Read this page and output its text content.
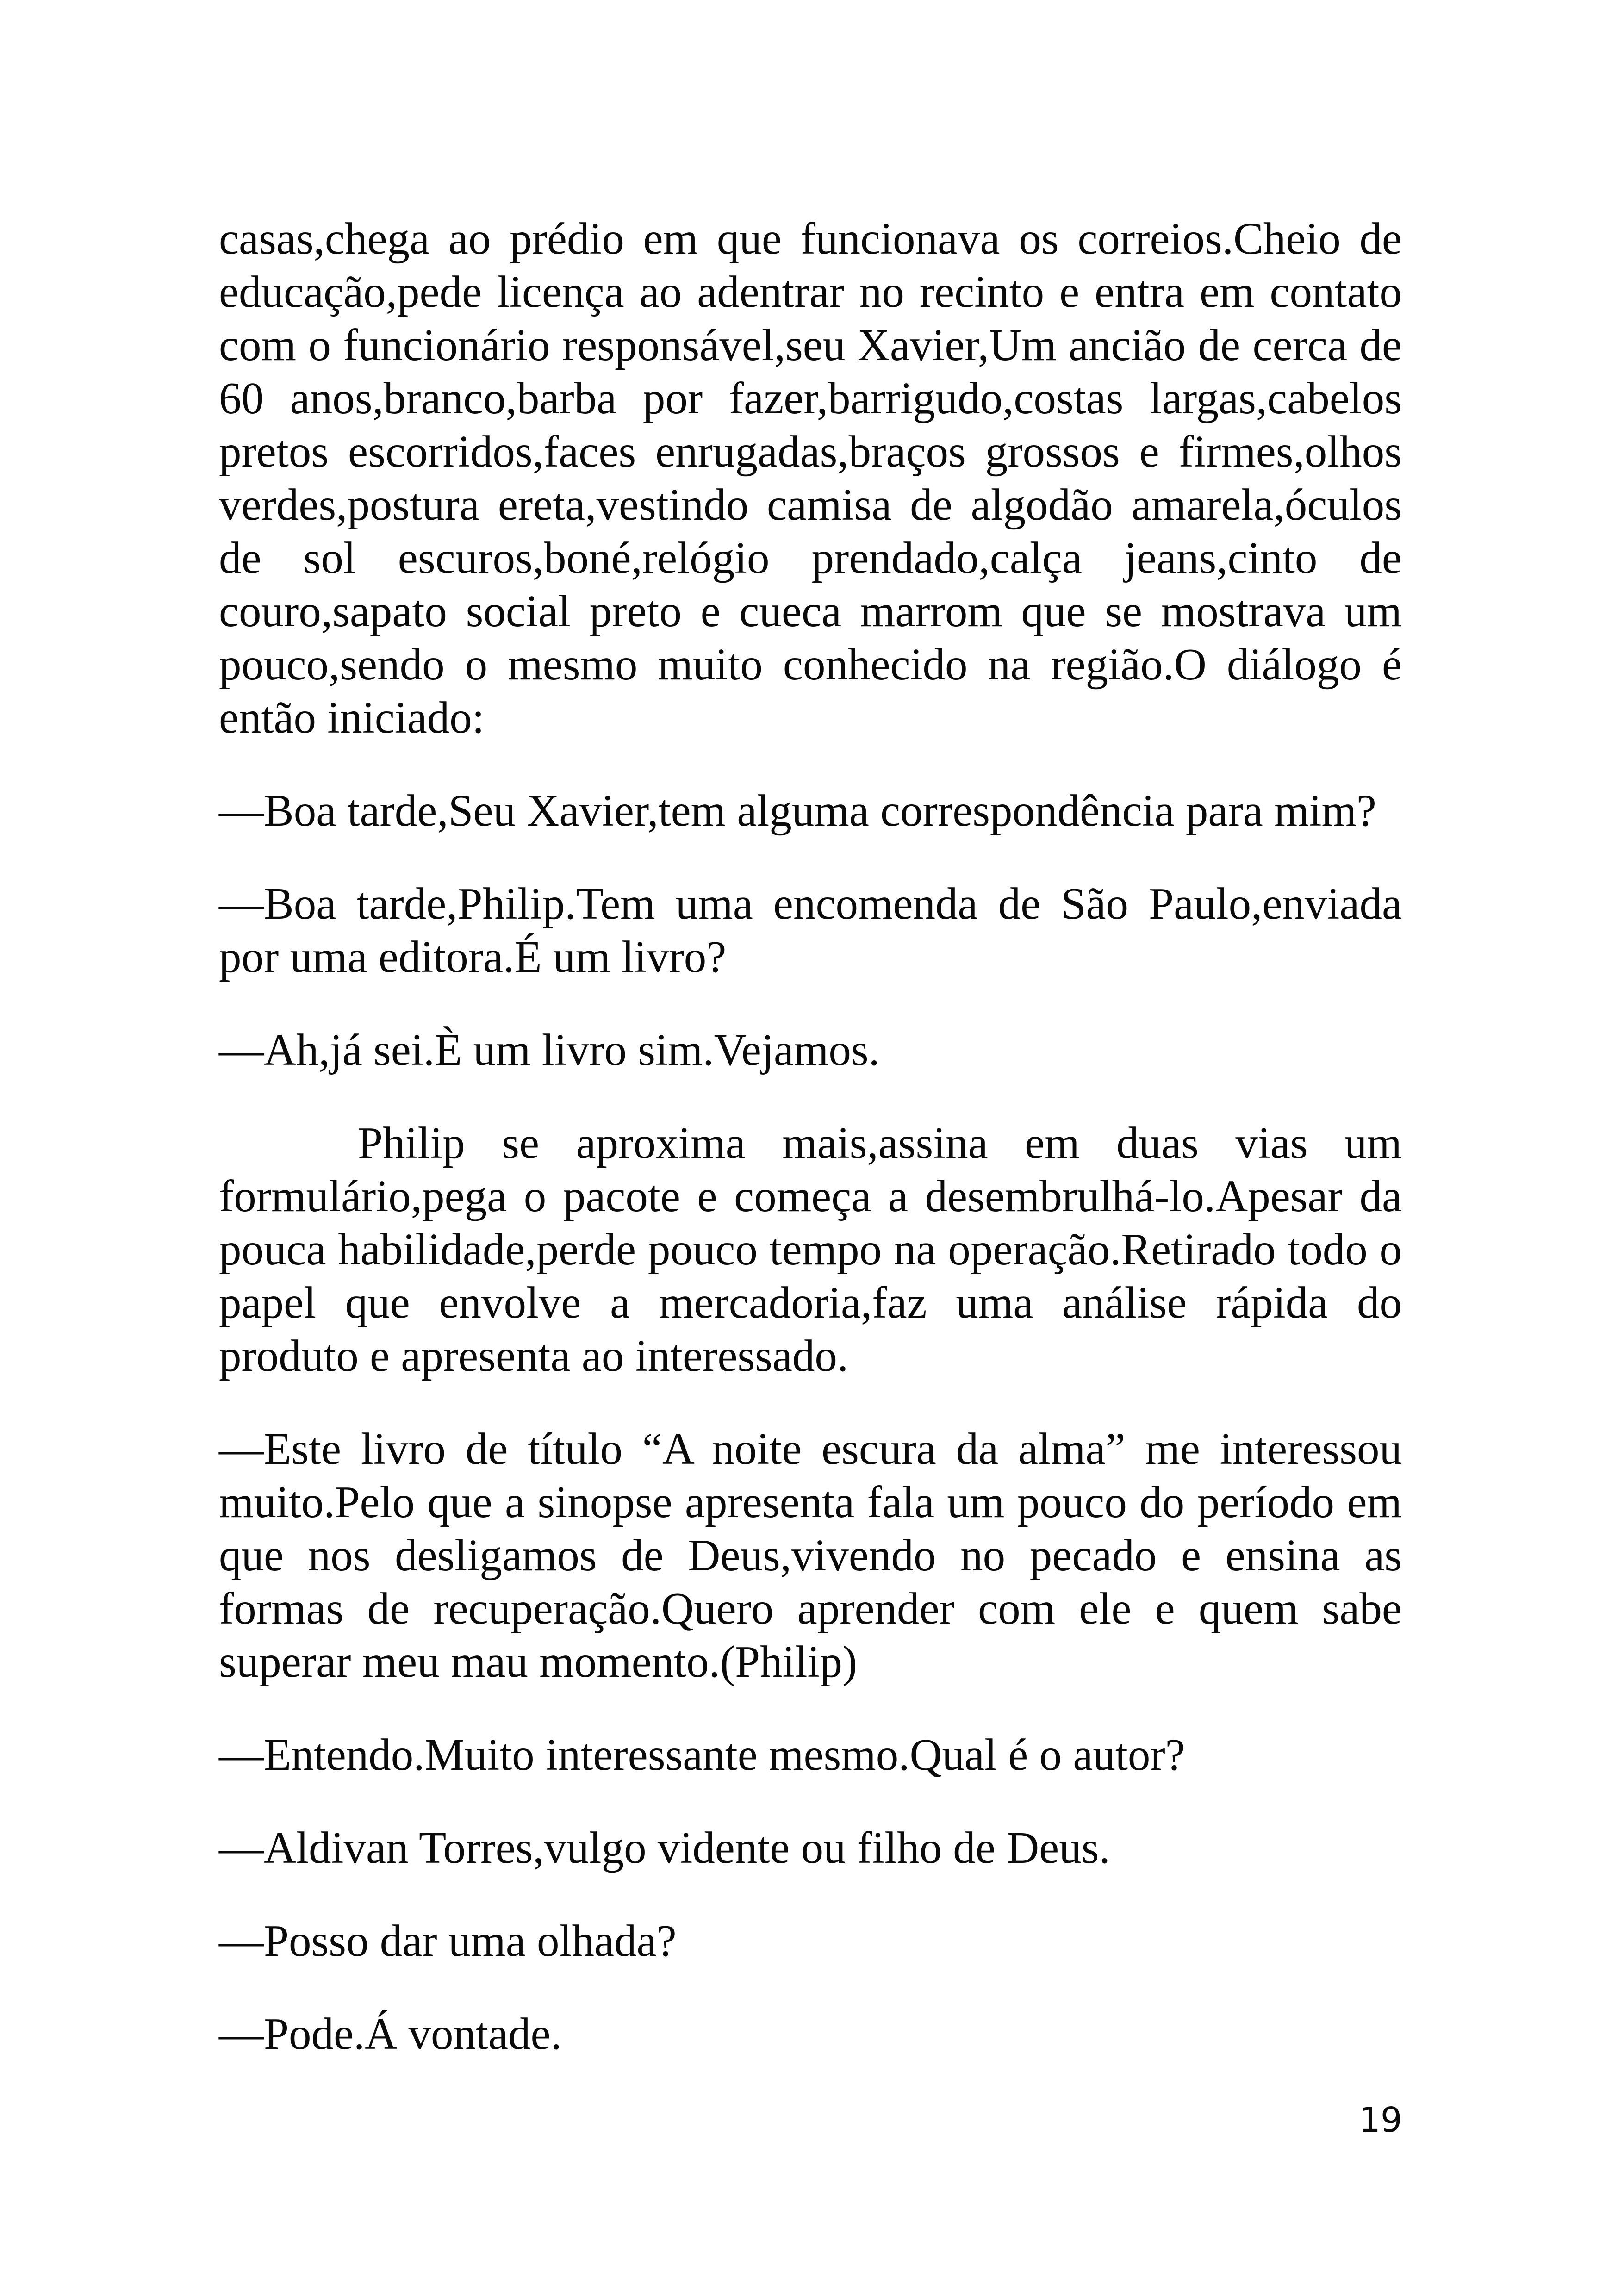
casas,chega ao prédio em que funcionava os correios.Cheio de educação,pede licença ao adentrar no recinto e entra em contato com o funcionário responsável,seu Xavier,Um ancião de cerca de 60 anos,branco,barba por fazer,barrigudo,costas largas,cabelos pretos escorridos,faces enrugadas,braços grossos e firmes,olhos verdes,postura ereta,vestindo camisa de algodão amarela,óculos de sol escuros,boné,relógio prendado,calça jeans,cinto de couro,sapato social preto e cueca marrom que se mostrava um pouco,sendo o mesmo muito conhecido na região.O diálogo é então iniciado:

—Boa tarde,Seu Xavier,tem alguma correspondência para mim?

—Boa tarde,Philip.Tem uma encomenda de São Paulo,enviada por uma editora.É um livro?

—Ah,já sei.È um livro sim.Vejamos.

Philip se aproxima mais,assina em duas vias um formulário,pega o pacote e começa a desembrulhá-lo.Apesar da pouca habilidade,perde pouco tempo na operação.Retirado todo o papel que envolve a mercadoria,faz uma análise rápida do produto e apresenta ao interessado.

—Este livro de título “A noite escura da alma” me interessou muito.Pelo que a sinopse apresenta fala um pouco do período em que nos desligamos de Deus,vivendo no pecado e ensina as formas de recuperação.Quero aprender com ele e quem sabe superar meu mau momento.(Philip)

—Entendo.Muito interessante mesmo.Qual é o autor?

—Aldivan Torres,vulgo vidente ou filho de Deus.

—Posso dar uma olhada?

—Pode.Á vontade.

19
